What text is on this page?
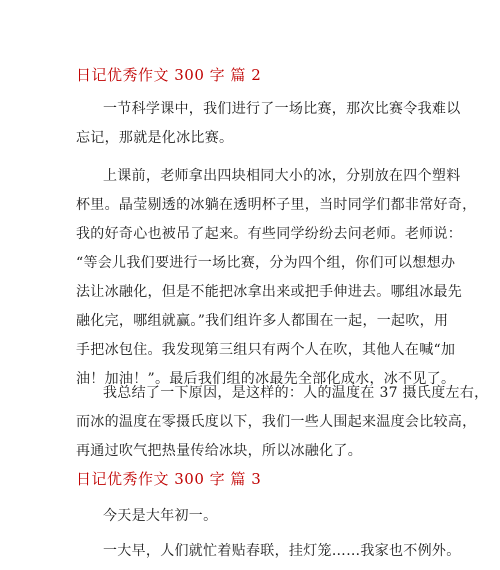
日记优秀作文 300 字 篇 2

一节科学课中，我们进行了一场比赛，那次比赛令我难以
忘记，那就是化冰比赛。

上课前，老师拿出四块相同大小的冰，分别放在四个塑料
杯里。晶莹剔透的冰躺在透明杯子里，当时同学们都非常好奇，
我的好奇心也被吊了起来。有些同学纷纷去问老师。老师说：
“等会儿我们要进行一场比赛，分为四个组，你们可以想想办
法让冰融化，但是不能把冰拿出来或把手伸进去。哪组冰最先
融化完，哪组就赢。”我们组许多人都围在一起，一起吹，用
手把冰包住。我发现第三组只有两个人在吹，其他人在喊“加
油！加油！”。最后我们组的冰最先全部化成水，冰不见了。

我总结了一下原因，是这样的：人的温度在 37 摄氏度左右，
而冰的温度在零摄氏度以下，我们一些人围起来温度会比较高，
再通过吹气把热量传给冰块，所以冰融化了。

日记优秀作文 300 字 篇 3

今天是大年初一。

一大早，人们就忙着贴春联，挂灯笼……我家也不例外。
